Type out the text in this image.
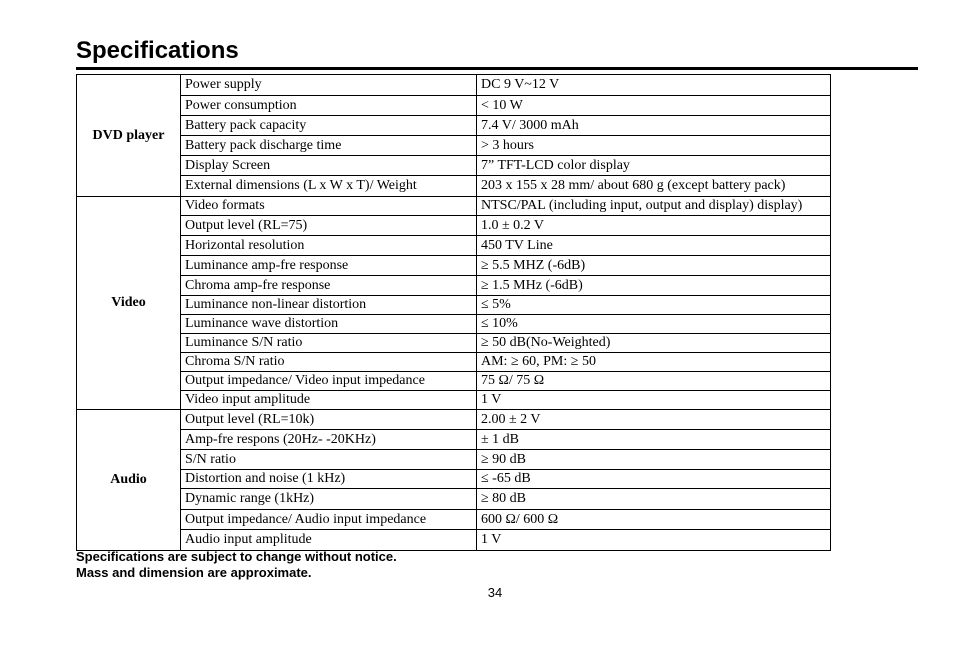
Specifications
DVD player	Power supply	DC 9 V~12 V
	Power consumption	< 10 W
	Battery pack capacity	7.4 V/ 3000 mAh
	Battery pack discharge time	> 3 hours
	Display Screen	7” TFT-LCD color display
	External dimensions (L x W x T)/ Weight	203 x 155 x 28 mm/ about 680 g (except battery pack)
Video	Video formats	NTSC/PAL (including input, output and display) display)
	Output level (RL=75)	1.0 ± 0.2 V
	Horizontal resolution	450 TV Line
	Luminance amp-fre response	≥ 5.5 MHZ (-6dB)
	Chroma amp-fre response	≥ 1.5 MHz (-6dB)
	Luminance non-linear distortion	≤ 5%
	Luminance wave distortion	≤ 10%
	Luminance S/N ratio	≥ 50 dB(No-Weighted)
	Chroma S/N ratio	AM: ≥ 60, PM: ≥ 50
	Output impedance/ Video input impedance	75 Ω/ 75 Ω
	Video input amplitude	1 V
Audio	Output level (RL=10k)	2.00 ± 2 V
	Amp-fre respons (20Hz- -20KHz)	± 1 dB
	S/N ratio	≥ 90 dB
	Distortion and noise (1 kHz)	≤ -65 dB
	Dynamic range (1kHz)	≥ 80 dB
	Output impedance/ Audio input impedance	600 Ω/ 600 Ω
	Audio input amplitude	1 V
Specifications are subject to change without notice.
Mass and dimension are approximate.
34
